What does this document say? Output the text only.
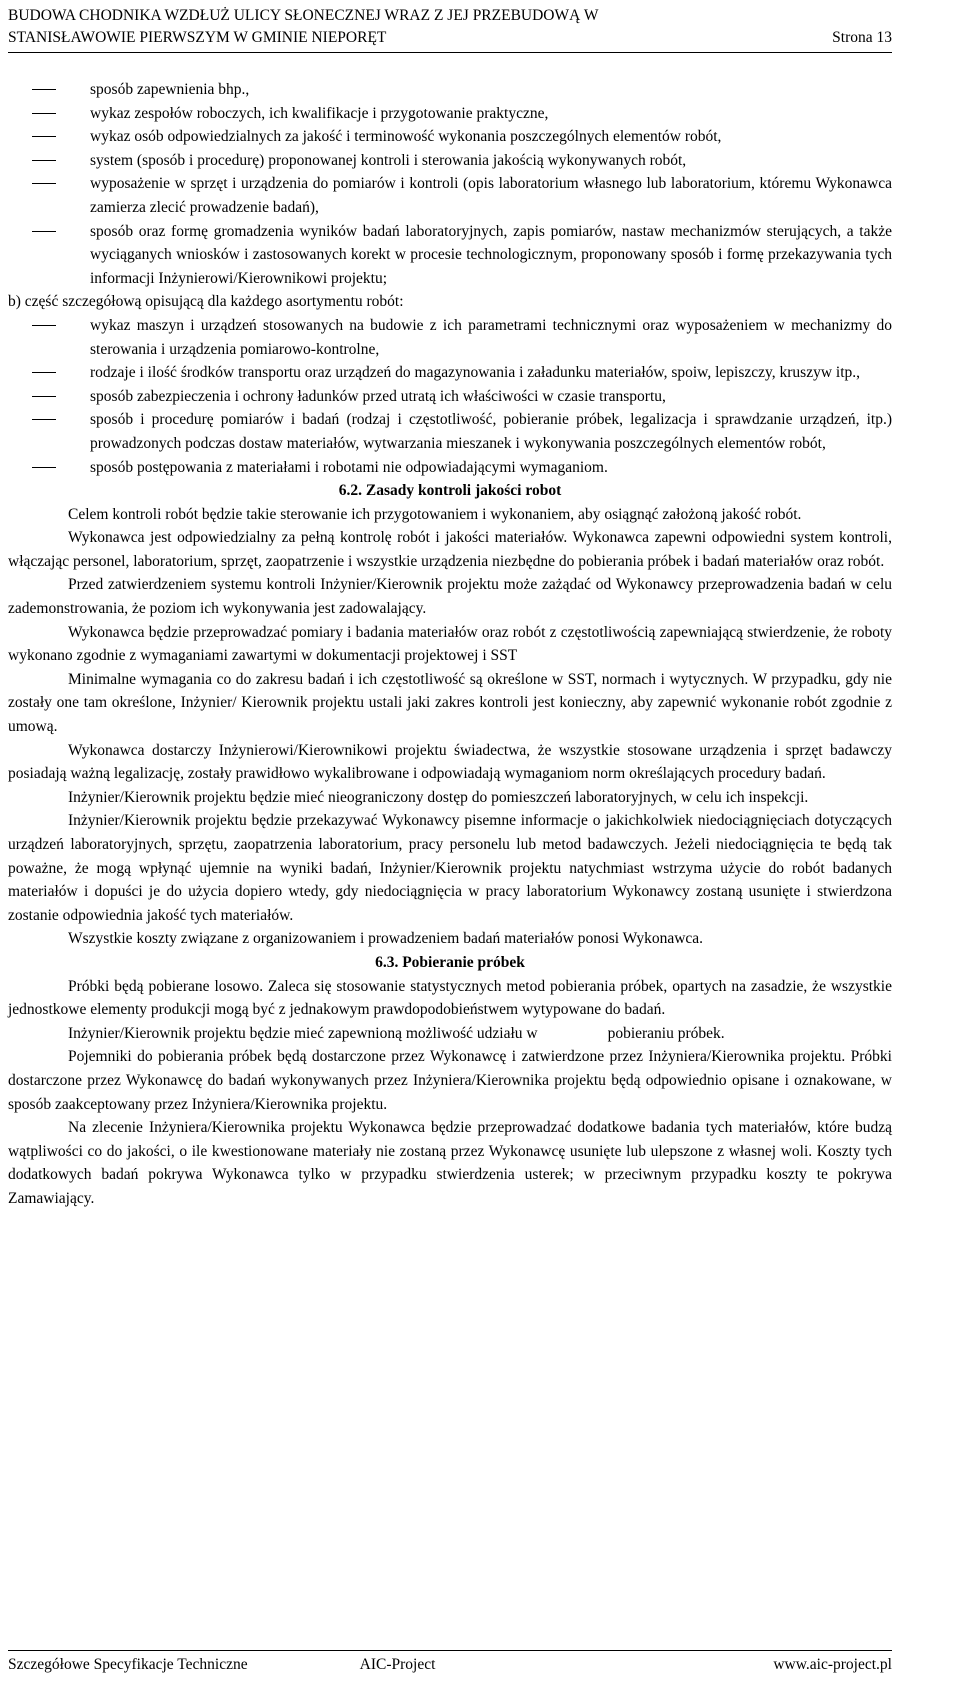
BUDOWA CHODNIKA WZDŁUŻ ULICY SŁONECZNEJ WRAZ Z JEJ PRZEBUDOWĄ W
STANISŁAWOWIE PIERWSZYM W GMINIE NIEPORĘT	Strona 13
sposób zapewnienia bhp.,
wykaz zespołów roboczych, ich kwalifikacje i przygotowanie praktyczne,
wykaz osób odpowiedzialnych za jakość i terminowość wykonania poszczególnych elementów robót,
system (sposób i procedurę) proponowanej kontroli i sterowania jakością wykonywanych robót,
wyposażenie w sprzęt i urządzenia do pomiarów i kontroli (opis laboratorium własnego lub laboratorium, któremu Wykonawca zamierza zlecić prowadzenie badań),
sposób oraz formę gromadzenia wyników badań laboratoryjnych, zapis pomiarów, nastaw mechanizmów sterujących, a także wyciąganych wniosków i zastosowanych korekt w procesie technologicznym, proponowany sposób i formę przekazywania tych informacji Inżynierowi/Kierownikowi projektu;

b) część szczegółową opisującą dla każdego asortymentu robót:

wykaz maszyn i urządzeń stosowanych na budowie z ich parametrami technicznymi oraz wyposażeniem w mechanizmy do sterowania i urządzenia pomiarowo-kontrolne,
rodzaje i ilość środków transportu oraz urządzeń do magazynowania i załadunku materiałów, spoiw, lepiszczy, kruszyw itp.,
sposób zabezpieczenia i ochrony ładunków przed utratą ich właściwości w czasie transportu,
sposób i procedurę pomiarów i badań (rodzaj i częstotliwość, pobieranie próbek, legalizacja i sprawdzanie urządzeń, itp.) prowadzonych podczas dostaw materiałów, wytwarzania mieszanek i wykonywania poszczególnych elementów robót,
sposób postępowania z materiałami i robotami nie odpowiadającymi wymaganiom.

6.2. Zasady kontroli jakości robot

Celem kontroli robót będzie takie sterowanie ich przygotowaniem i wykonaniem, aby osiągnąć założoną jakość robót.

Wykonawca jest odpowiedzialny za pełną kontrolę robót i jakości materiałów. Wykonawca zapewni odpowiedni system kontroli, włączając personel, laboratorium, sprzęt, zaopatrzenie i wszystkie urządzenia niezbędne do pobierania próbek i badań materiałów oraz robót.

Przed zatwierdzeniem systemu kontroli Inżynier/Kierownik projektu może zażądać od Wykonawcy przeprowadzenia badań w celu zademonstrowania, że poziom ich wykonywania jest zadowalający.

Wykonawca będzie przeprowadzać pomiary i badania materiałów oraz robót z częstotliwością zapewniającą stwierdzenie, że roboty wykonano zgodnie z wymaganiami zawartymi w dokumentacji projektowej i SST

Minimalne wymagania co do zakresu badań i ich częstotliwość są określone w SST, normach i wytycznych. W przypadku, gdy nie zostały one tam określone, Inżynier/ Kierownik projektu ustali jaki zakres kontroli jest konieczny, aby zapewnić wykonanie robót zgodnie z umową.

Wykonawca dostarczy Inżynierowi/Kierownikowi projektu świadectwa, że wszystkie stosowane urządzenia i sprzęt badawczy posiadają ważną legalizację, zostały prawidłowo wykalibrowane i odpowiadają wymaganiom norm określających procedury badań.

Inżynier/Kierownik projektu będzie mieć nieograniczony dostęp do pomieszczeń laboratoryjnych, w celu ich inspekcji.

Inżynier/Kierownik projektu będzie przekazywać Wykonawcy pisemne informacje o jakichkolwiek niedociągnięciach dotyczących urządzeń laboratoryjnych, sprzętu, zaopatrzenia laboratorium, pracy personelu lub metod badawczych. Jeżeli niedociągnięcia te będą tak poważne, że mogą wpłynąć ujemnie na wyniki badań, Inżynier/Kierownik projektu natychmiast wstrzyma użycie do robót badanych materiałów i dopuści je do użycia dopiero wtedy, gdy niedociągnięcia w pracy laboratorium Wykonawcy zostaną usunięte i stwierdzona zostanie odpowiednia jakość tych materiałów.

Wszystkie koszty związane z organizowaniem i prowadzeniem badań materiałów ponosi Wykonawca.

6.3. Pobieranie próbek

Próbki będą pobierane losowo. Zaleca się stosowanie statystycznych metod pobierania próbek, opartych na zasadzie, że wszystkie jednostkowe elementy produkcji mogą być z jednakowym prawdopodobieństwem wytypowane do badań.

Inżynier/Kierownik projektu będzie mieć zapewnioną możliwość udziału w	pobieraniu próbek.

Pojemniki do pobierania próbek będą dostarczone przez Wykonawcę i zatwierdzone przez Inżyniera/Kierownika projektu. Próbki dostarczone przez Wykonawcę do badań wykonywanych przez Inżyniera/Kierownika projektu będą odpowiednio opisane i oznakowane, w sposób zaakceptowany przez Inżyniera/Kierownika projektu.

Na zlecenie Inżyniera/Kierownika projektu Wykonawca będzie przeprowadzać dodatkowe badania tych materiałów, które budzą wątpliwości co do jakości, o ile kwestionowane materiały nie zostaną przez Wykonawcę usunięte lub ulepszone z własnej woli. Koszty tych dodatkowych badań pokrywa Wykonawca tylko w przypadku stwierdzenia usterek; w przeciwnym przypadku koszty te pokrywa Zamawiający.

Szczegółowe Specyfikacje Techniczne	AIC-Project	www.aic-project.pl
